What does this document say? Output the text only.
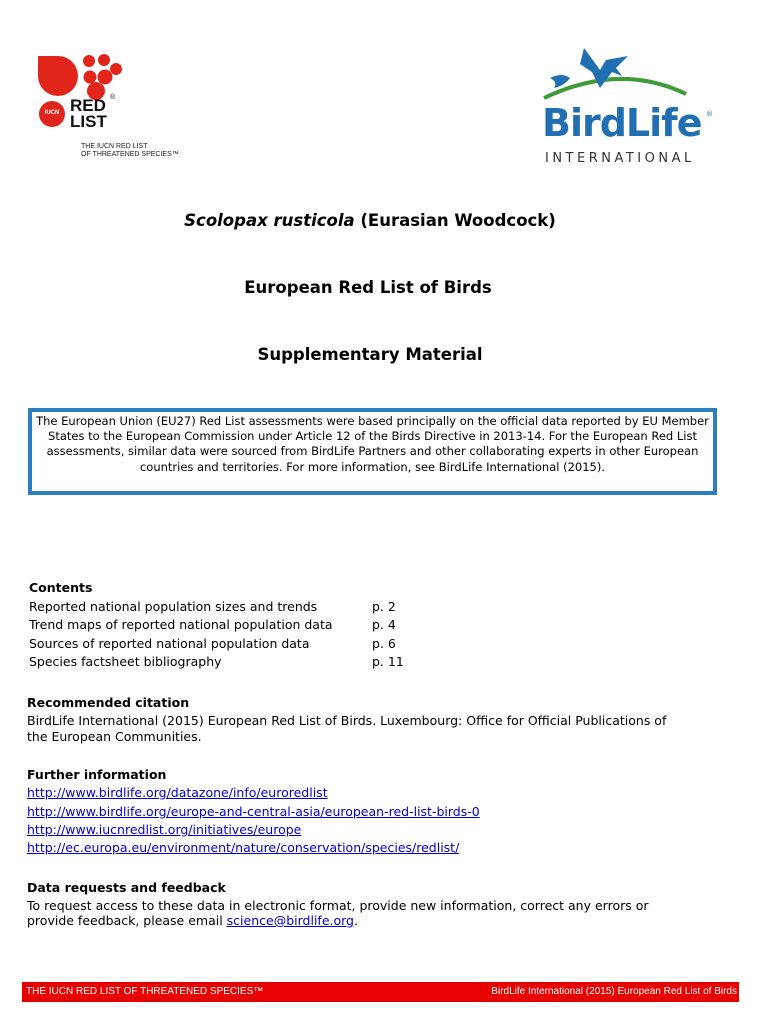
IUCN RED ®
LIST
THE IUCN RED LIST
OF THREATENED SPECIES™
BirdLife ®
INTERNATIONAL
Scolopax rusticola (Eurasian Woodcock)
European Red List of Birds
Supplementary Material
The European Union (EU27) Red List assessments were based principally on the official data reported by EU Member States to the European Commission under Article 12 of the Birds Directive in 2013-14. For the European Red List assessments, similar data were sourced from BirdLife Partners and other collaborating experts in other European countries and territories. For more information, see BirdLife International (2015).
Contents
Reported national population sizes and trends	p. 2
Trend maps of reported national population data	p. 4
Sources of reported national population data	p. 6
Species factsheet bibliography	p. 11
Recommended citation
BirdLife International (2015) European Red List of Birds. Luxembourg: Office for Official Publications of
the European Communities.
Further information
http://www.birdlife.org/datazone/info/euroredlist
http://www.birdlife.org/europe-and-central-asia/european-red-list-birds-0
http://www.iucnredlist.org/initiatives/europe
http://ec.europa.eu/environment/nature/conservation/species/redlist/
Data requests and feedback
To request access to these data in electronic format, provide new information, correct any errors or
provide feedback, please email science@birdlife.org.
THE IUCN RED LIST OF THREATENED SPECIES™	BirdLife International (2015) European Red List of Birds
